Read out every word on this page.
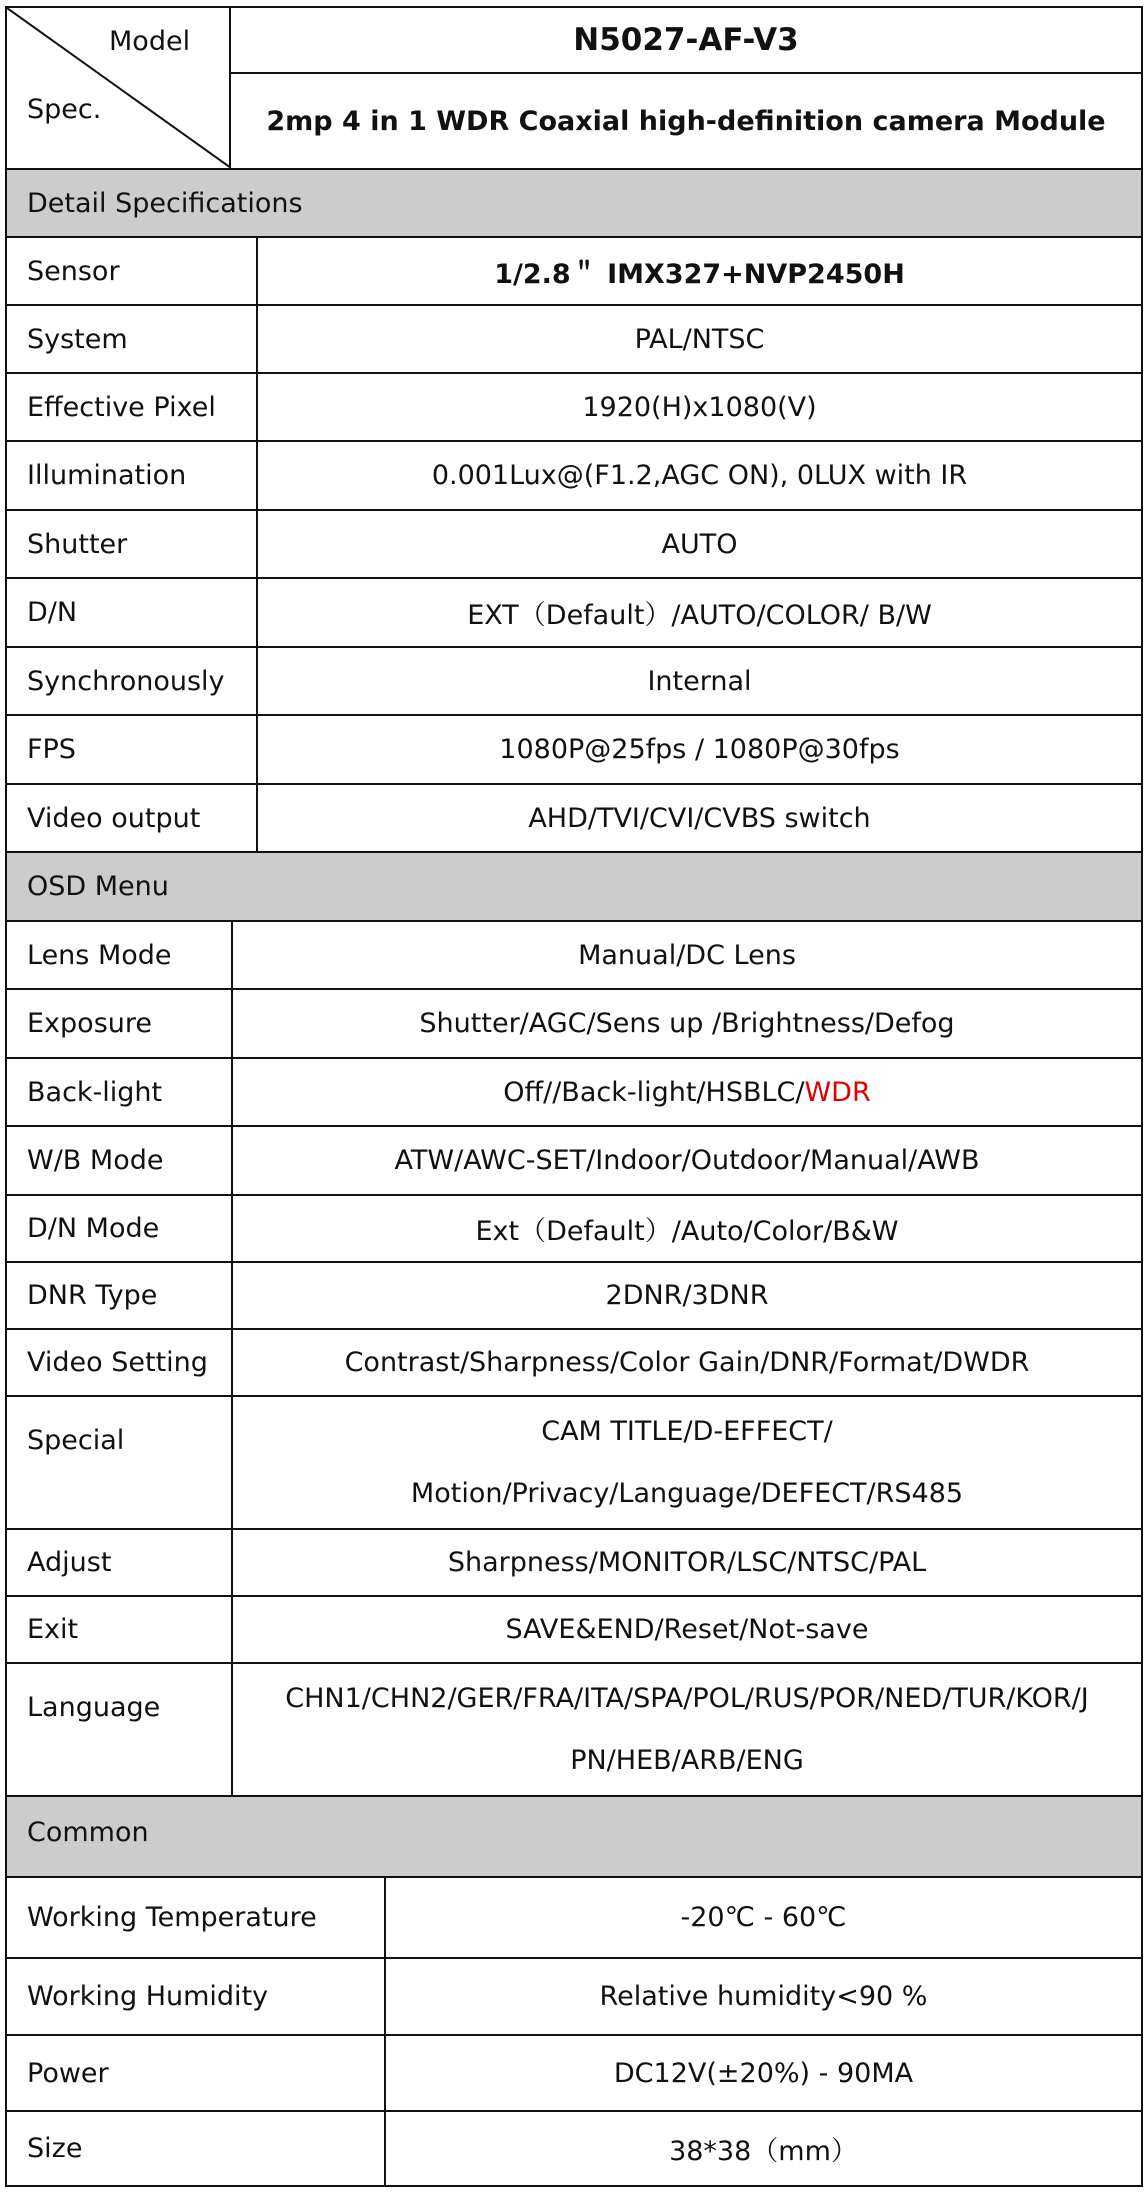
Model
Spec.
N5027-AF-V3
2mp 4 in 1 WDR Coaxial high-definition camera Module
Detail Specifications
Sensor	1/2.8＂ IMX327+NVP2450H
System	PAL/NTSC
Effective Pixel	1920(H)x1080(V)
Illumination	0.001Lux@(F1.2,AGC ON), 0LUX with IR
Shutter	AUTO
D/N	EXT（Default）/AUTO/COLOR/ B/W
Synchronously	Internal
FPS	1080P@25fps / 1080P@30fps
Video output	AHD/TVI/CVI/CVBS switch
OSD Menu
Lens Mode	Manual/DC Lens
Exposure	Shutter/AGC/Sens up /Brightness/Defog
Back-light	Off//Back-light/HSBLC/ WDR
W/B Mode	ATW/AWC-SET/Indoor/Outdoor/Manual/AWB
D/N Mode	Ext（Default）/Auto/Color/B&W
DNR Type	2DNR/3DNR
Video Setting	Contrast/Sharpness/Color Gain/DNR/Format/DWDR
Special	CAM TITLE/D-EFFECT/
Motion/Privacy/Language/DEFECT/RS485
Adjust	Sharpness/MONITOR/LSC/NTSC/PAL
Exit	SAVE&END/Reset/Not-save
Language	CHN1/CHN2/GER/FRA/ITA/SPA/POL/RUS/POR/NED/TUR/KOR/J
PN/HEB/ARB/ENG
Common
Working Temperature	-20℃ - 60℃
Working Humidity	Relative humidity<90 %
Power	DC12V(±20%) - 90MA
Size	38*38（mm）
